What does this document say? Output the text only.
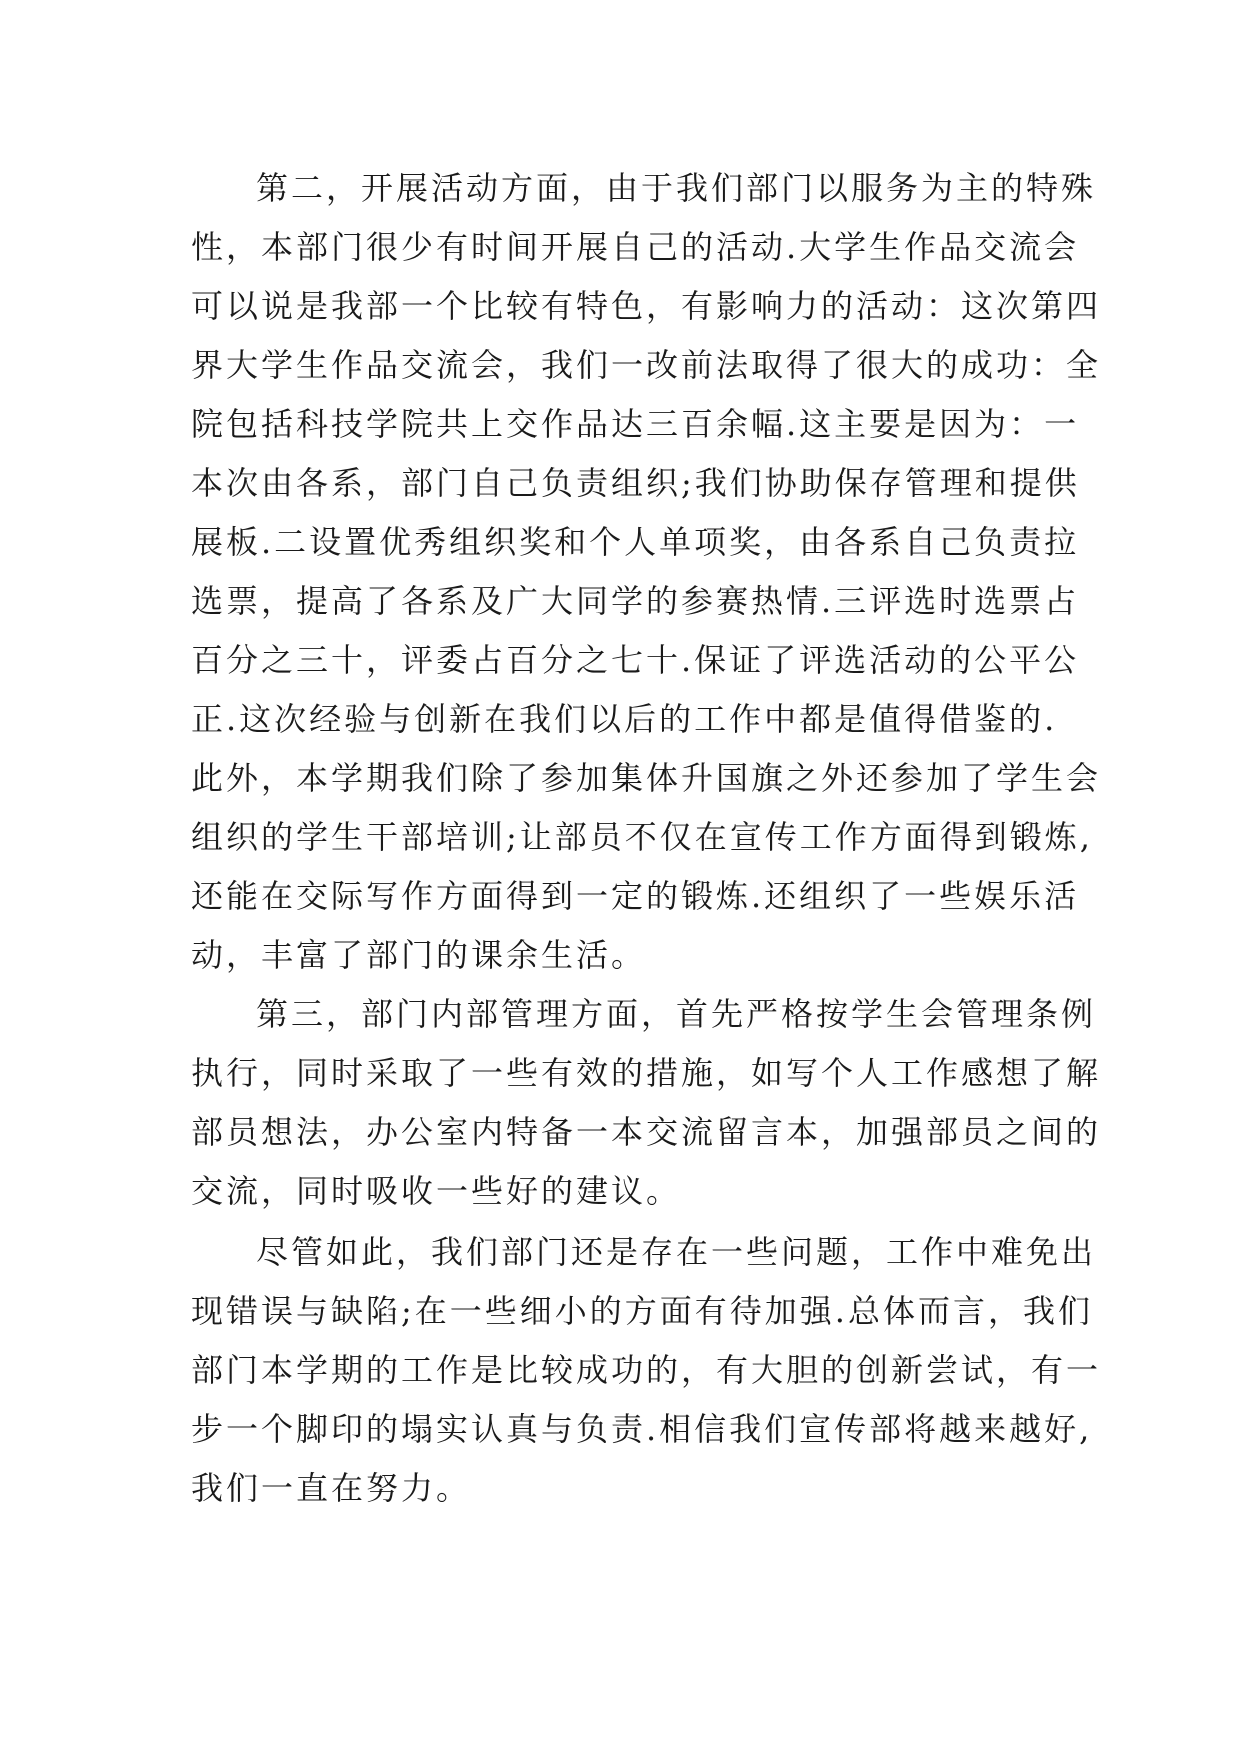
第二，开展活动方面，由于我们部门以服务为主的特殊
性，本部门很少有时间开展自己的活动.大学生作品交流会
可以说是我部一个比较有特色，有影响力的活动：这次第四
界大学生作品交流会，我们一改前法取得了很大的成功：全
院包括科技学院共上交作品达三百余幅.这主要是因为：一
本次由各系，部门自己负责组织;我们协助保存管理和提供
展板.二设置优秀组织奖和个人单项奖，由各系自己负责拉
选票，提高了各系及广大同学的参赛热情.三评选时选票占
百分之三十，评委占百分之七十.保证了评选活动的公平公
正.这次经验与创新在我们以后的工作中都是值得借鉴的.
此外，本学期我们除了参加集体升国旗之外还参加了学生会
组织的学生干部培训;让部员不仅在宣传工作方面得到锻炼,
还能在交际写作方面得到一定的锻炼.还组织了一些娱乐活
动，丰富了部门的课余生活。
第三，部门内部管理方面，首先严格按学生会管理条例
执行，同时采取了一些有效的措施，如写个人工作感想了解
部员想法，办公室内特备一本交流留言本，加强部员之间的
交流，同时吸收一些好的建议。
尽管如此，我们部门还是存在一些问题，工作中难免出
现错误与缺陷;在一些细小的方面有待加强.总体而言，我们
部门本学期的工作是比较成功的，有大胆的创新尝试，有一
步一个脚印的塌实认真与负责.相信我们宣传部将越来越好,
我们一直在努力。
